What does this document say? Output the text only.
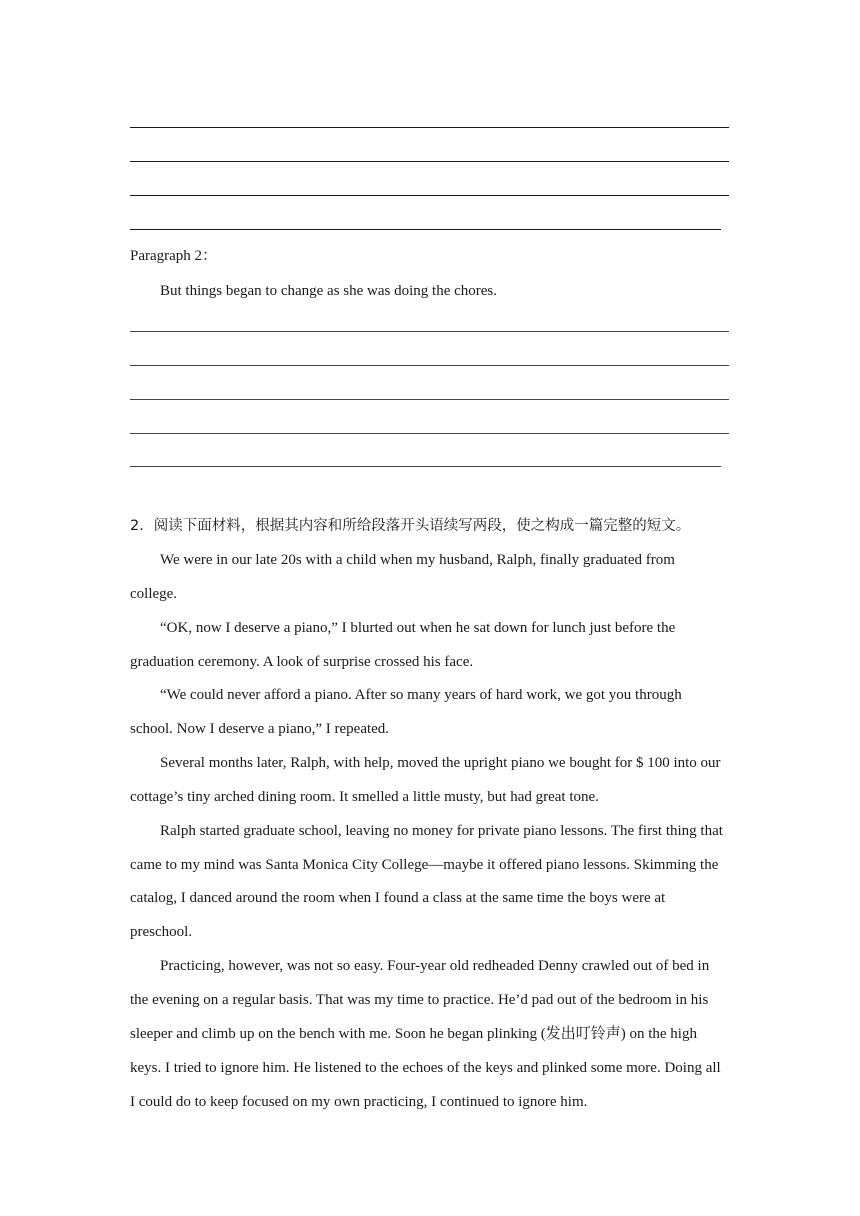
Paragraph 2：
But things began to change as she was doing the chores.
2．阅读下面材料，根据其内容和所给段落开头语续写两段，使之构成一篇完整的短文。
We were in our late 20s with a child when my husband, Ralph, finally graduated from
college.
“OK, now I deserve a piano,” I blurted out when he sat down for lunch just before the
graduation ceremony. A look of surprise crossed his face.
“We could never afford a piano. After so many years of hard work, we got you through
school. Now I deserve a piano,” I repeated.
Several months later, Ralph, with help, moved the upright piano we bought for $ 100 into our
cottage’s tiny arched dining room. It smelled a little musty, but had great tone.
Ralph started graduate school, leaving no money for private piano lessons. The first thing that
came to my mind was Santa Monica City College—maybe it offered piano lessons. Skimming the
catalog, I danced around the room when I found a class at the same time the boys were at
preschool.
Practicing, however, was not so easy. Four-year old redheaded Denny crawled out of bed in
the evening on a regular basis. That was my time to practice. He’d pad out of the bedroom in his
sleeper and climb up on the bench with me. Soon he began plinking (发出叮铃声) on the high
keys. I tried to ignore him. He listened to the echoes of the keys and plinked some more. Doing all
I could do to keep focused on my own practicing, I continued to ignore him.
